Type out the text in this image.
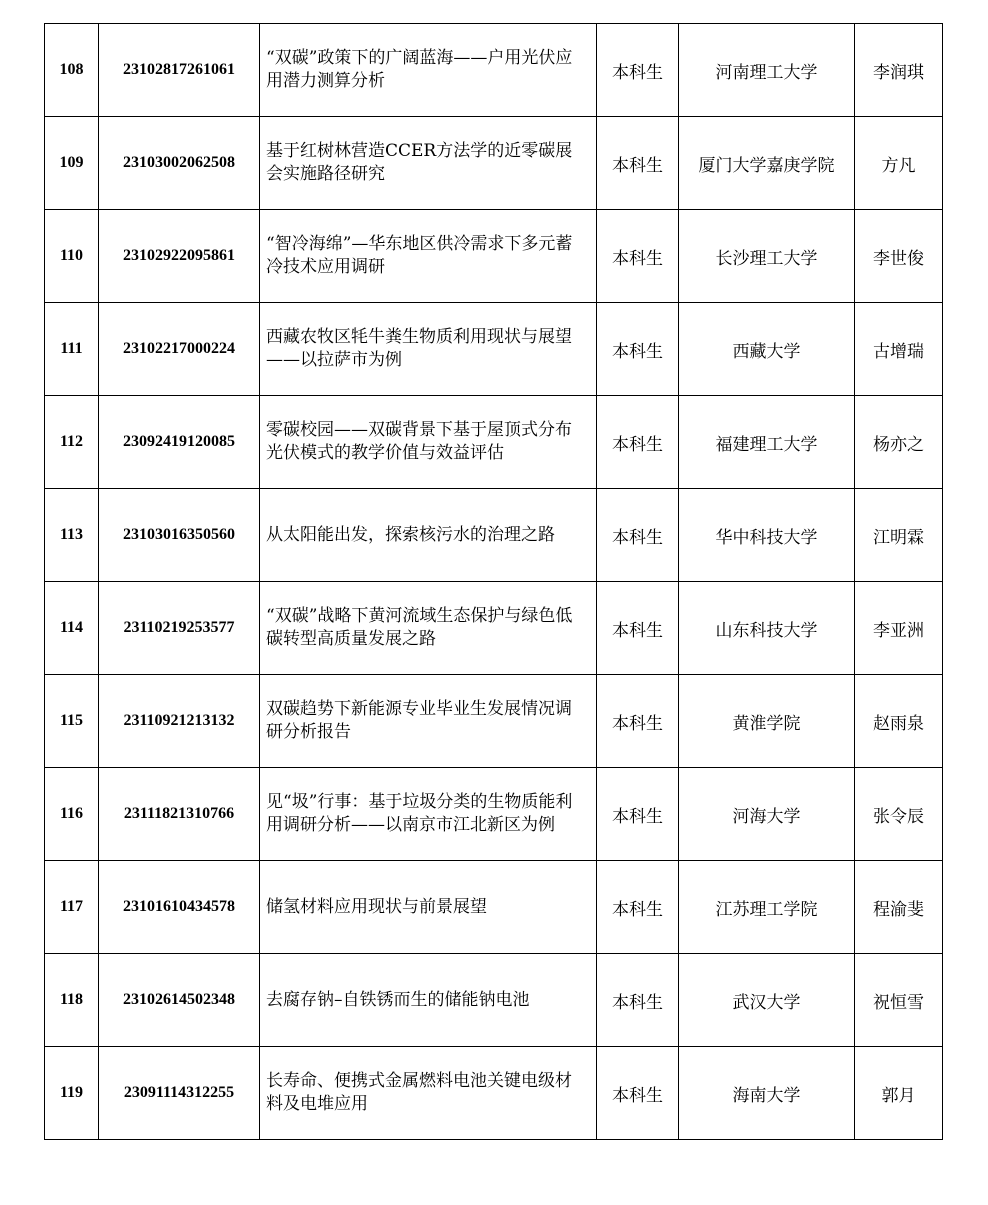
108	23102817261061	“双碳”政策下的广阔蓝海——户用光伏应用潜力测算分析	本科生	河南理工大学	李润琪
109	23103002062508	基于红树林营造CCER方法学的近零碳展会实施路径研究	本科生	厦门大学嘉庚学院	方凡
110	23102922095861	“智冷海绵”—华东地区供冷需求下多元蓄冷技术应用调研	本科生	长沙理工大学	李世俊
111	23102217000224	西藏农牧区牦牛粪生物质利用现状与展望——以拉萨市为例	本科生	西藏大学	古增瑞
112	23092419120085	零碳校园——双碳背景下基于屋顶式分布光伏模式的教学价值与效益评估	本科生	福建理工大学	杨亦之
113	23103016350560	从太阳能出发，探索核污水的治理之路	本科生	华中科技大学	江明霖
114	23110219253577	“双碳”战略下黄河流域生态保护与绿色低碳转型高质量发展之路	本科生	山东科技大学	李亚洲
115	23110921213132	双碳趋势下新能源专业毕业生发展情况调研分析报告	本科生	黄淮学院	赵雨泉
116	23111821310766	见“圾”行事：基于垃圾分类的生物质能利用调研分析——以南京市江北新区为例	本科生	河海大学	张令辰
117	23101610434578	储氢材料应用现状与前景展望	本科生	江苏理工学院	程渝斐
118	23102614502348	去腐存钠–自铁锈而生的储能钠电池	本科生	武汉大学	祝恒雪
119	23091114312255	长寿命、便携式金属燃料电池关键电级材料及电堆应用	本科生	海南大学	郭月
